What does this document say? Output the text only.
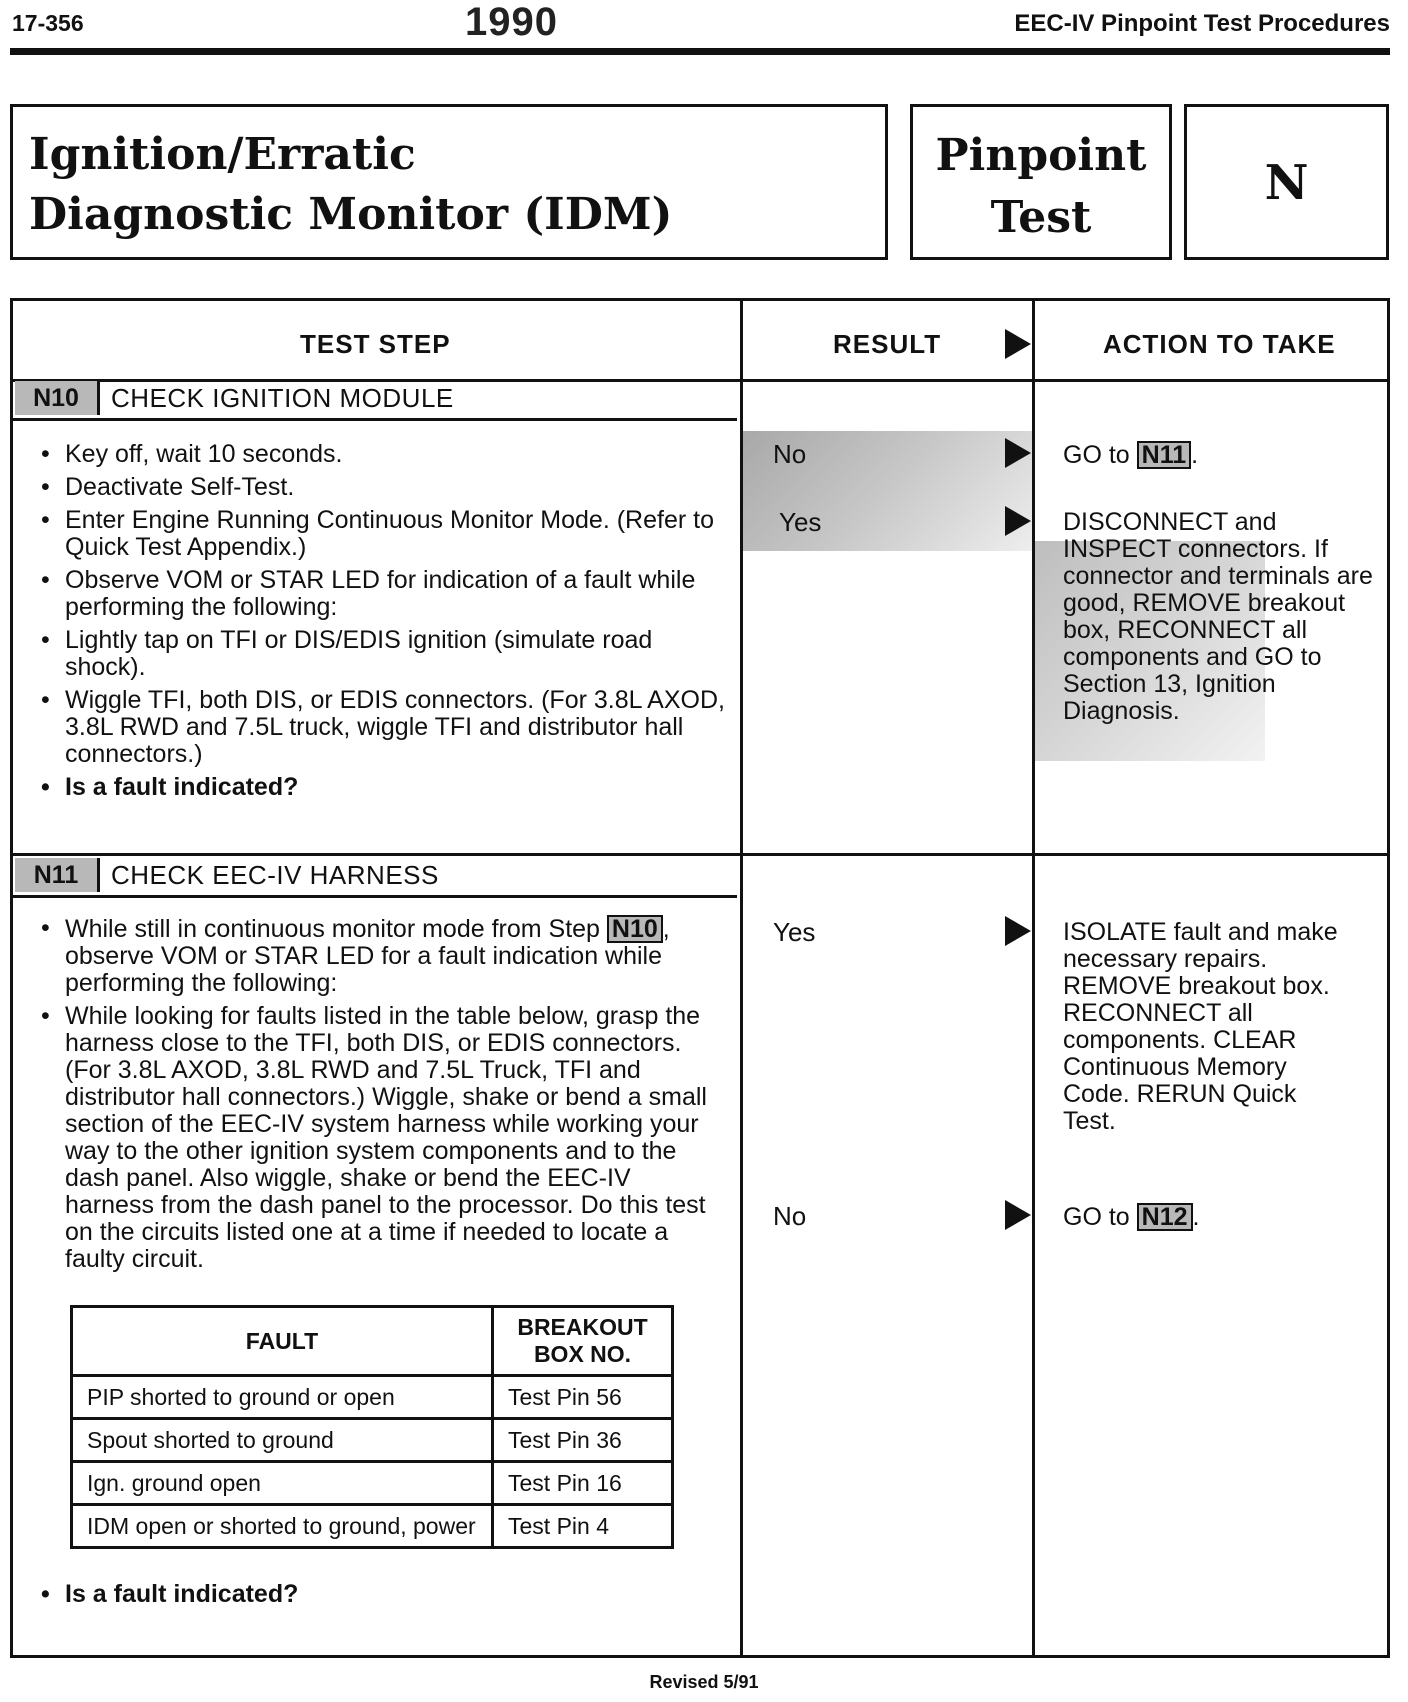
17-356	1990	EEC-IV Pinpoint Test Procedures
Ignition/Erratic
Diagnostic Monitor (IDM)
Pinpoint
Test
N
TEST STEP	RESULT	ACTION TO TAKE
N10	CHECK IGNITION MODULE
• Key off, wait 10 seconds.
• Deactivate Self-Test.
• Enter Engine Running Continuous Monitor Mode. (Refer to Quick Test Appendix.)
• Observe VOM or STAR LED for indication of a fault while performing the following:
• Lightly tap on TFI or DIS/EDIS ignition (simulate road shock).
• Wiggle TFI, both DIS, or EDIS connectors. (For 3.8L AXOD, 3.8L RWD and 7.5L truck, wiggle TFI and distributor hall connectors.)
• Is a fault indicated?
No	GO to N11 .
Yes	DISCONNECT and INSPECT connectors. If connector and terminals are good, REMOVE breakout box, RECONNECT all components and GO to Section 13, Ignition Diagnosis.
N11	CHECK EEC-IV HARNESS
• While still in continuous monitor mode from Step N10 , observe VOM or STAR LED for a fault indication while performing the following:
• While looking for faults listed in the table below, grasp the harness close to the TFI, both DIS, or EDIS connectors. (For 3.8L AXOD, 3.8L RWD and 7.5L Truck, TFI and distributor hall connectors.) Wiggle, shake or bend a small section of the EEC-IV system harness while working your way to the other ignition system components and to the dash panel. Also wiggle, shake or bend the EEC-IV harness from the dash panel to the processor. Do this test on the circuits listed one at a time if needed to locate a faulty circuit.
FAULT	BREAKOUT BOX NO.
PIP shorted to ground or open	Test Pin 56
Spout shorted to ground	Test Pin 36
Ign. ground open	Test Pin 16
IDM open or shorted to ground, power	Test Pin 4
• Is a fault indicated?
Yes	ISOLATE fault and make necessary repairs. REMOVE breakout box. RECONNECT all components. CLEAR Continuous Memory Code. RERUN Quick Test.
No	GO to N12 .
Revised 5/91
